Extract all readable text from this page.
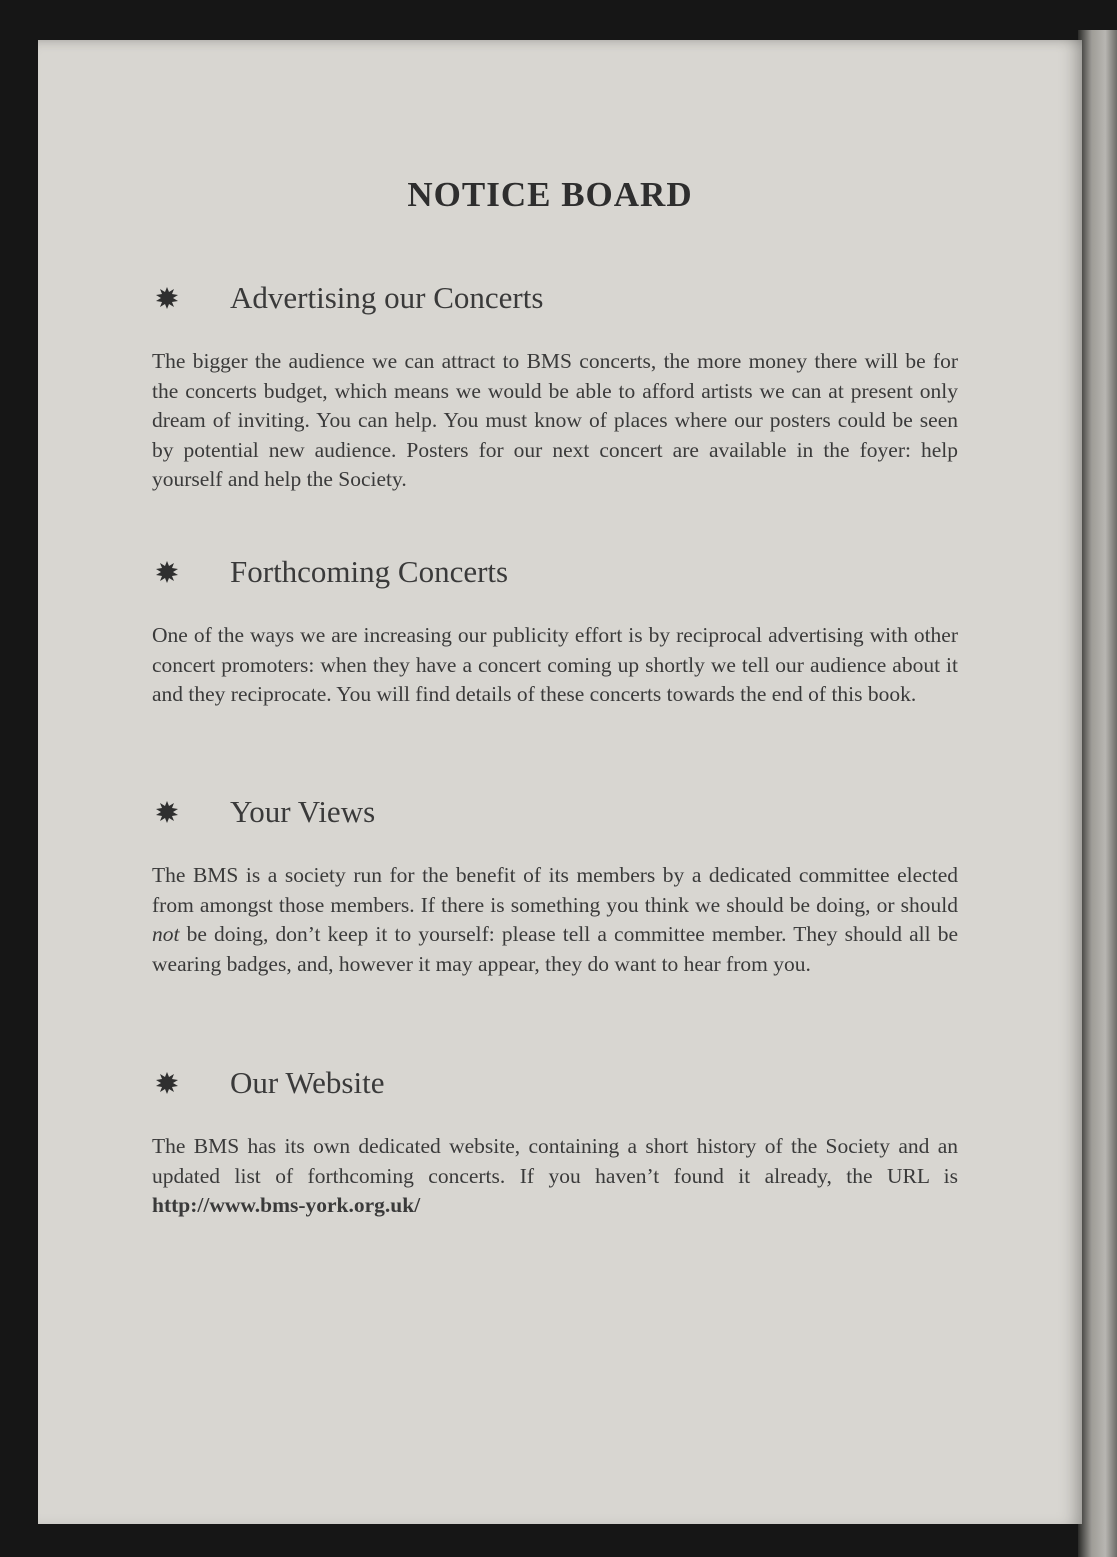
NOTICE BOARD
Advertising our Concerts
The bigger the audience we can attract to BMS concerts, the more money there will be for the concerts budget, which means we would be able to afford artists we can at present only dream of inviting. You can help. You must know of places where our posters could be seen by potential new audience. Posters for our next concert are available in the foyer: help yourself and help the Society.
Forthcoming Concerts
One of the ways we are increasing our publicity effort is by reciprocal advertising with other concert promoters: when they have a concert coming up shortly we tell our audience about it and they reciprocate. You will find details of these concerts towards the end of this book.
Your Views
The BMS is a society run for the benefit of its members by a dedicated committee elected from amongst those members. If there is something you think we should be doing, or should not be doing, don’t keep it to yourself: please tell a committee member. They should all be wearing badges, and, however it may appear, they do want to hear from you.
Our Website
The BMS has its own dedicated website, containing a short history of the Society and an updated list of forthcoming concerts. If you haven’t found it already, the URL is http://www.bms-york.org.uk/
